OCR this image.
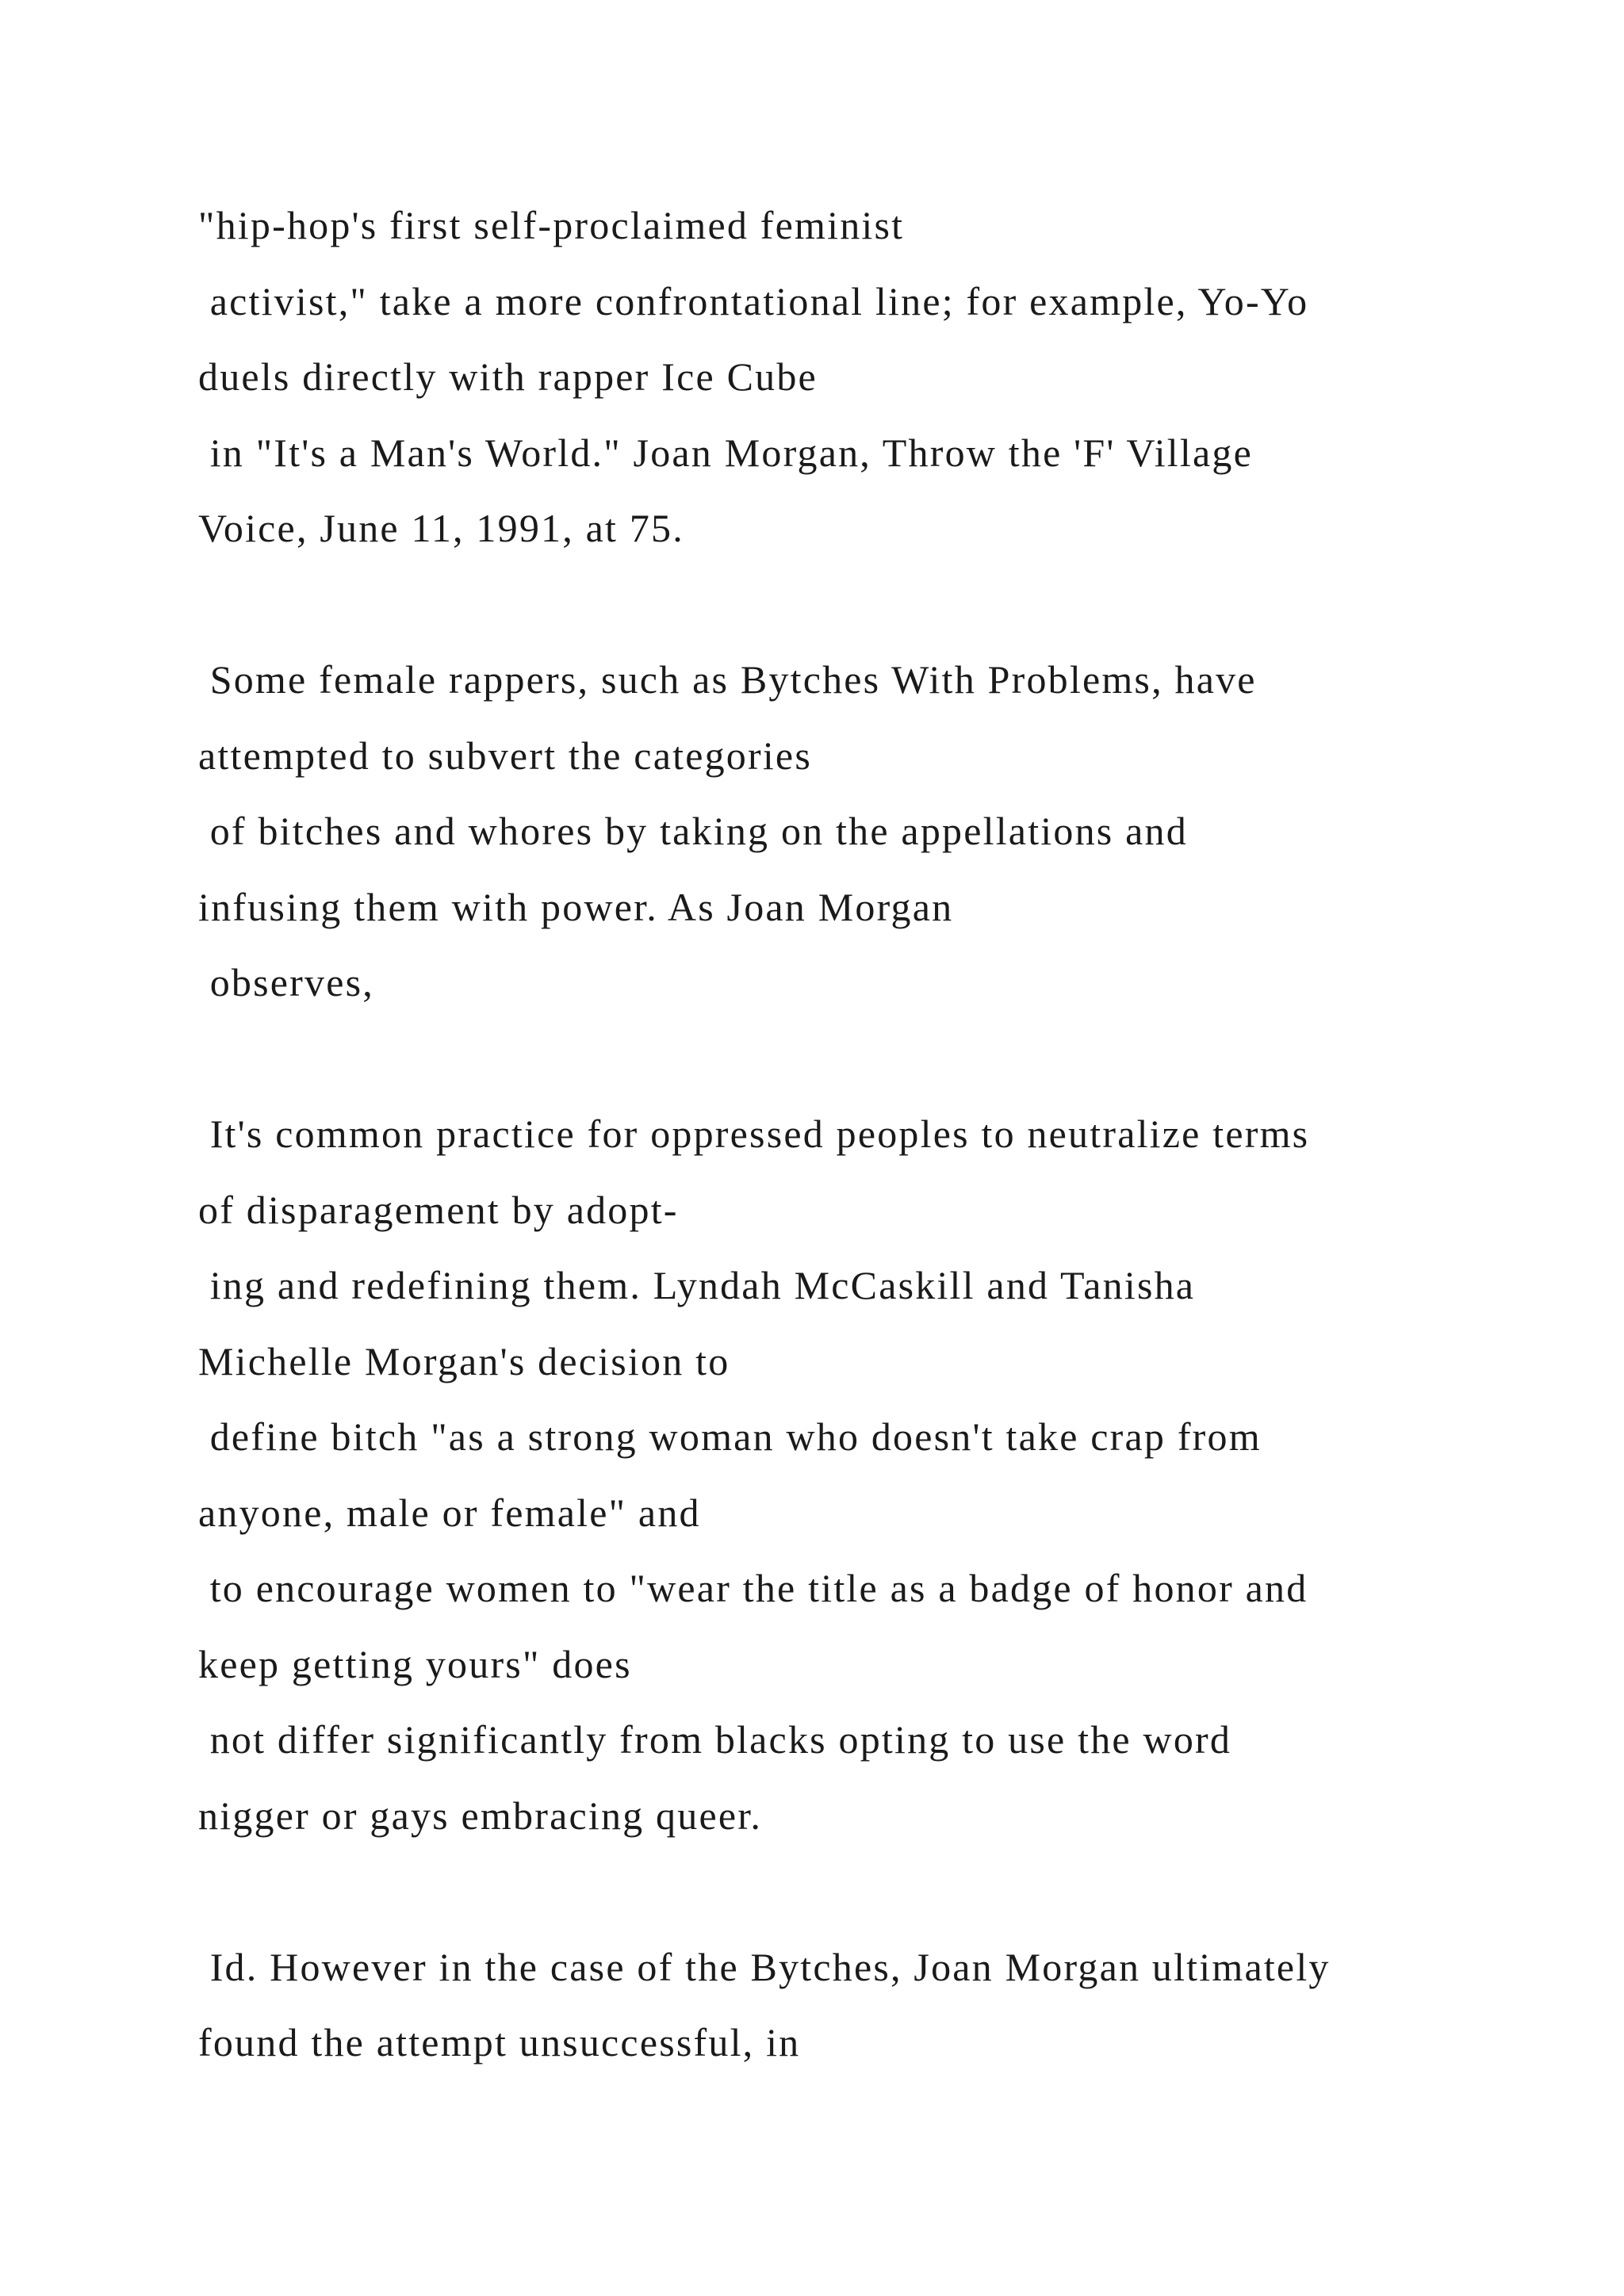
"hip-hop's first self-proclaimed feminist
activist," take a more confrontational line; for example, Yo-Yo
duels directly with rapper Ice Cube
in "It's a Man's World." Joan Morgan, Throw the 'F' Village
Voice, June 11, 1991, at 75.
Some female rappers, such as Bytches With Problems, have
attempted to subvert the categories
of bitches and whores by taking on the appellations and
infusing them with power. As Joan Morgan
observes,
It's common practice for oppressed peoples to neutralize terms
of disparagement by adopt-
ing and redefining them. Lyndah McCaskill and Tanisha
Michelle Morgan's decision to
define bitch "as a strong woman who doesn't take crap from
anyone, male or female" and
to encourage women to "wear the title as a badge of honor and
keep getting yours" does
not differ significantly from blacks opting to use the word
nigger or gays embracing queer.
Id. However in the case of the Bytches, Joan Morgan ultimately
found the attempt unsuccessful, in
